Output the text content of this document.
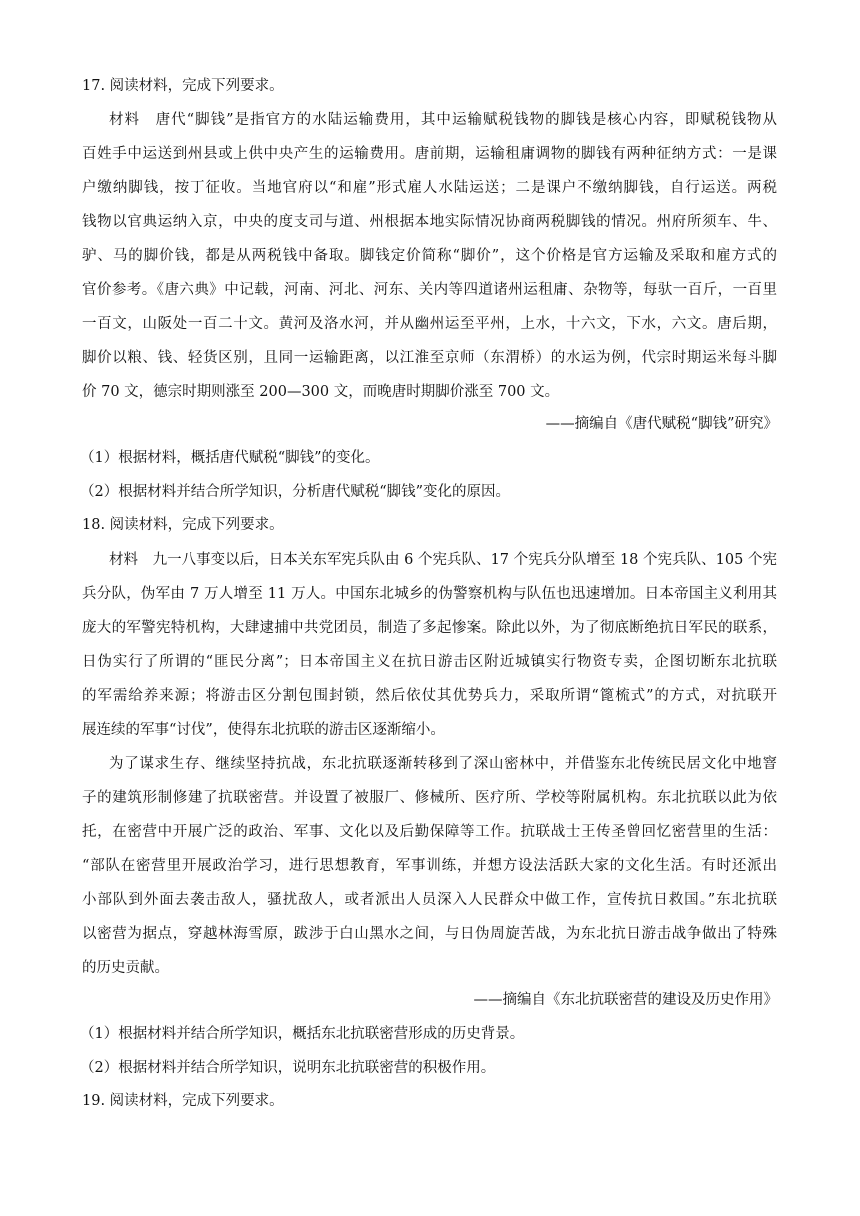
17. 阅读材料，完成下列要求。
材料　唐代“脚钱”是指官方的水陆运输费用，其中运输赋税钱物的脚钱是核心内容，即赋税钱物从
百姓手中运送到州县或上供中央产生的运输费用。唐前期，运输租庸调物的脚钱有两种征纳方式：一是课
户缴纳脚钱，按丁征收。当地官府以“和雇”形式雇人水陆运送；二是课户不缴纳脚钱，自行运送。两税
钱物以官典运纳入京，中央的度支司与道、州根据本地实际情况协商两税脚钱的情况。州府所须车、牛、
驴、马的脚价钱，都是从两税钱中备取。脚钱定价简称“脚价”，这个价格是官方运输及采取和雇方式的
官价参考。《唐六典》中记载，河南、河北、河东、关内等四道诸州运租庸、杂物等，每驮一百斤，一百里
一百文，山阪处一百二十文。黄河及洛水河，并从幽州运至平州，上水，十六文，下水，六文。唐后期，
脚价以粮、钱、轻货区别，且同一运输距离，以江淮至京师（东渭桥）的水运为例，代宗时期运米每斗脚
价 70 文，德宗时期则涨至 200—300 文，而晚唐时期脚价涨至 700 文。
——摘编自《唐代赋税“脚钱”研究》
（1）根据材料，概括唐代赋税“脚钱”的变化。
（2）根据材料并结合所学知识，分析唐代赋税“脚钱”变化的原因。
18. 阅读材料，完成下列要求。
材料　九一八事变以后，日本关东军宪兵队由 6 个宪兵队、17 个宪兵分队增至 18 个宪兵队、105 个宪
兵分队，伪军由 7 万人增至 11 万人。中国东北城乡的伪警察机构与队伍也迅速增加。日本帝国主义利用其
庞大的军警宪特机构，大肆逮捕中共党团员，制造了多起惨案。除此以外，为了彻底断绝抗日军民的联系，
日伪实行了所谓的“匪民分离”；日本帝国主义在抗日游击区附近城镇实行物资专卖，企图切断东北抗联
的军需给养来源；将游击区分割包围封锁，然后依仗其优势兵力，采取所谓“篦梳式”的方式，对抗联开
展连续的军事“讨伐”，使得东北抗联的游击区逐渐缩小。
为了谋求生存、继续坚持抗战，东北抗联逐渐转移到了深山密林中，并借鉴东北传统民居文化中地窨
子的建筑形制修建了抗联密营。并设置了被服厂、修械所、医疗所、学校等附属机构。东北抗联以此为依
托，在密营中开展广泛的政治、军事、文化以及后勤保障等工作。抗联战士王传圣曾回忆密营里的生活：
“部队在密营里开展政治学习，进行思想教育，军事训练，并想方设法活跃大家的文化生活。有时还派出
小部队到外面去袭击敌人，骚扰敌人，或者派出人员深入人民群众中做工作，宣传抗日救国。”东北抗联
以密营为据点，穿越林海雪原，跋涉于白山黑水之间，与日伪周旋苦战，为东北抗日游击战争做出了特殊
的历史贡献。
——摘编自《东北抗联密营的建设及历史作用》
（1）根据材料并结合所学知识，概括东北抗联密营形成的历史背景。
（2）根据材料并结合所学知识，说明东北抗联密营的积极作用。
19. 阅读材料，完成下列要求。
